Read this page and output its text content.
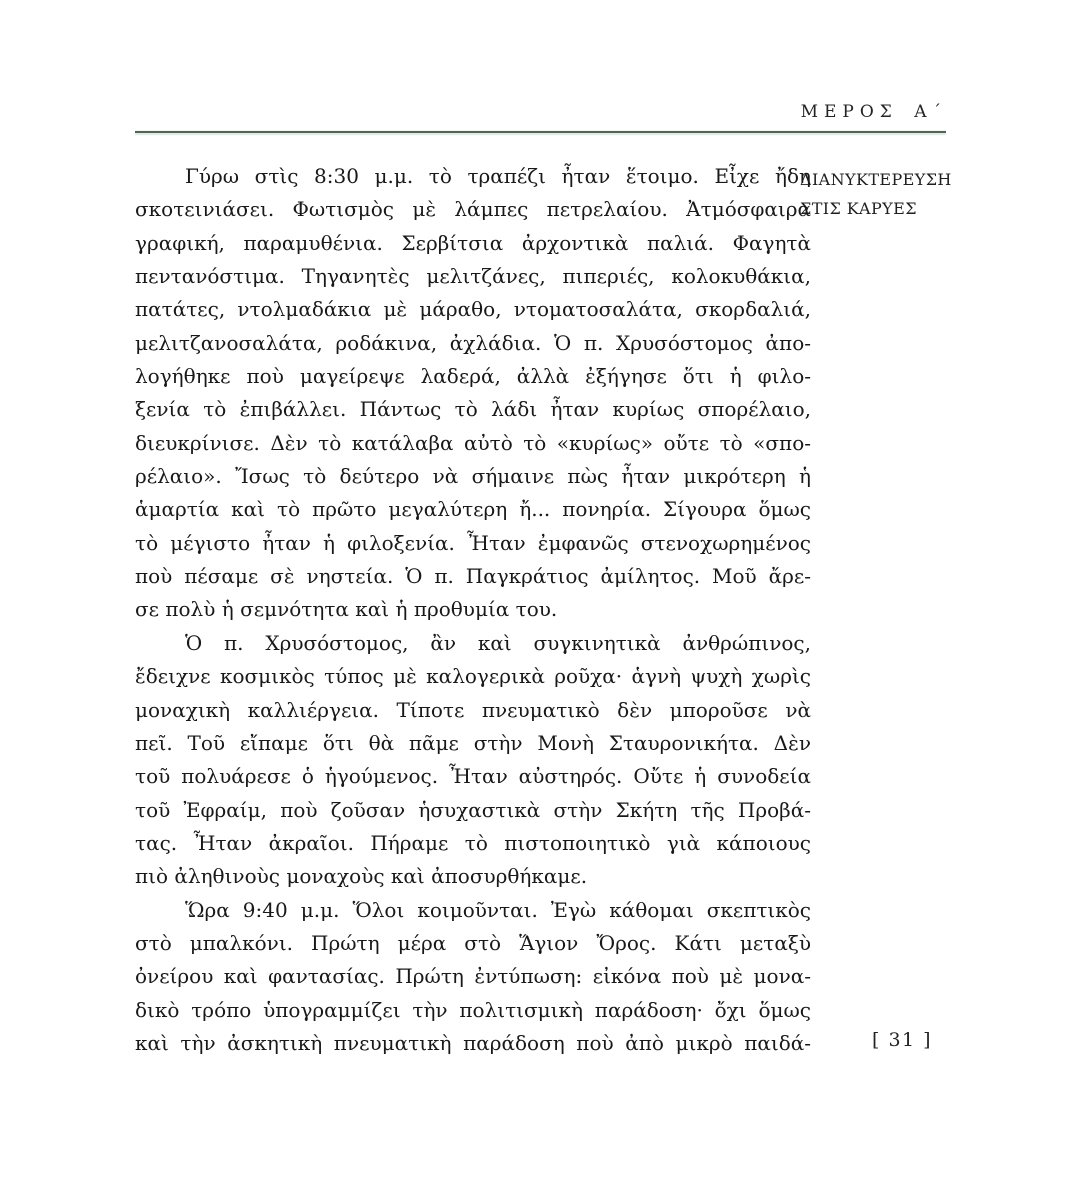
ΜΕΡΟΣ Α´
ΔΙΑΝΥΚΤΕΡΕΥΣΗ
ΣΤΙΣ ΚΑΡΥΕΣ
Γύρω στὶς 8:30 μ.μ. τὸ τραπέζι ἦταν ἕτοιμο. Εἶχε ἤδη
σκοτεινιάσει. Φωτισμὸς μὲ λάμπες πετρελαίου. Ἀτμόσφαιρα
γραφική, παραμυθένια. Σερβίτσια ἀρχοντικὰ παλιά. Φαγητὰ
πεντανόστιμα. Τηγανητὲς μελιτζάνες, πιπεριές, κολοκυθάκια,
πατάτες, ντολμαδάκια μὲ μάραθο, ντοματοσαλάτα, σκορδαλιά,
μελιτζανοσαλάτα, ροδάκινα, ἀχλάδια. Ὁ π. Χρυσόστομος ἀπο-
λογήθηκε ποὺ μαγείρεψε λαδερά, ἀλλὰ ἐξήγησε ὅτι ἡ φιλο-
ξενία τὸ ἐπιβάλλει. Πάντως τὸ λάδι ἦταν κυρίως σπορέλαιο,
διευκρίνισε. Δὲν τὸ κατάλαβα αὐτὸ τὸ «κυρίως» οὔτε τὸ «σπο-
ρέλαιο». Ἴσως τὸ δεύτερο νὰ σήμαινε πὼς ἦταν μικρότερη ἡ
ἁμαρτία καὶ τὸ πρῶτο μεγαλύτερη ἤ... πονηρία. Σίγουρα ὅμως
τὸ μέγιστο ἦταν ἡ φιλοξενία. Ἦταν ἐμφανῶς στενοχωρημένος
ποὺ πέσαμε σὲ νηστεία. Ὁ π. Παγκράτιος ἀμίλητος. Μοῦ ἄρε-
σε πολὺ ἡ σεμνότητα καὶ ἡ προθυμία του.
Ὁ π. Χρυσόστομος, ἂν καὶ συγκινητικὰ ἀνθρώπινος,
ἔδειχνε κοσμικὸς τύπος μὲ καλογερικὰ ροῦχα· ἁγνὴ ψυχὴ χωρὶς
μοναχικὴ καλλιέργεια. Τίποτε πνευματικὸ δὲν μποροῦσε νὰ
πεῖ. Τοῦ εἴπαμε ὅτι θὰ πᾶμε στὴν Μονὴ Σταυρονικήτα. Δὲν
τοῦ πολυάρεσε ὁ ἡγούμενος. Ἦταν αὐστηρός. Οὔτε ἡ συνοδεία
τοῦ Ἐφραίμ, ποὺ ζοῦσαν ἡσυχαστικὰ στὴν Σκήτη τῆς Προβά-
τας. Ἦταν ἀκραῖοι. Πήραμε τὸ πιστοποιητικὸ γιὰ κάποιους
πιὸ ἀληθινοὺς μοναχοὺς καὶ ἀποσυρθήκαμε.
Ὥρα 9:40 μ.μ. Ὅλοι κοιμοῦνται. Ἐγὼ κάθομαι σκεπτικὸς
στὸ μπαλκόνι. Πρώτη μέρα στὸ Ἅγιον Ὄρος. Κάτι μεταξὺ
ὀνείρου καὶ φαντασίας. Πρώτη ἐντύπωση: εἰκόνα ποὺ μὲ μονα-
δικὸ τρόπο ὑπογραμμίζει τὴν πολιτισμικὴ παράδοση· ὄχι ὅμως
καὶ τὴν ἀσκητικὴ πνευματικὴ παράδοση ποὺ ἀπὸ μικρὸ παιδά-	[ 31 ]
